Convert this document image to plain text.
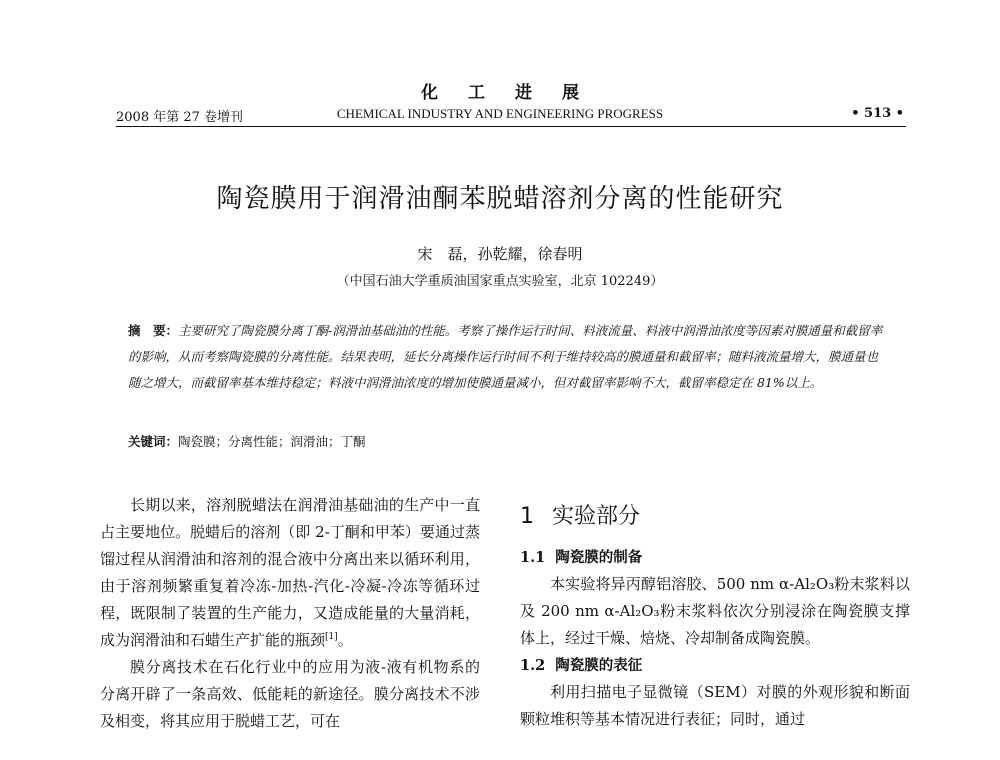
化工进展
2008 年第 27 卷增刊	CHEMICAL INDUSTRY AND ENGINEERING PROGRESS	• 513 •
陶瓷膜用于润滑油酮苯脱蜡溶剂分离的性能研究
宋　磊，孙乾耀，徐春明
（中国石油大学重质油国家重点实验室，北京 102249）
摘　要：主要研究了陶瓷膜分离丁酮-润滑油基础油的性能。考察了操作运行时间、料液流量、料液中润滑油浓度等因素对膜通量和截留率的影响，从而考察陶瓷膜的分离性能。结果表明，延长分离操作运行时间不利于维持较高的膜通量和截留率；随料液流量增大，膜通量也随之增大，而截留率基本维持稳定；料液中润滑油浓度的增加使膜通量减小，但对截留率影响不大，截留率稳定在 81%以上。
关键词：陶瓷膜；分离性能；润滑油；丁酮

长期以来，溶剂脱蜡法在润滑油基础油的生产中一直占主要地位。脱蜡后的溶剂（即 2-丁酮和甲苯）要通过蒸馏过程从润滑油和溶剂的混合液中分离出来以循环利用，由于溶剂频繁重复着冷冻-加热-汽化-冷凝-冷冻等循环过程，既限制了装置的生产能力，又造成能量的大量消耗，成为润滑油和石蜡生产扩能的瓶颈[1]。

膜分离技术在石化行业中的应用为液-液有机物系的分离开辟了一条高效、低能耗的新途径。膜分离技术不涉及相变，将其应用于脱蜡工艺，可在

1 实验部分
1.1 陶瓷膜的制备

本实验将异丙醇铝溶胶、500 nm α-Al₂O₃粉末浆料以及 200 nm α-Al₂O₃粉末浆料依次分别浸涂在陶瓷膜支撑体上，经过干燥、焙烧、冷却制备成陶瓷膜。

1.2 陶瓷膜的表征

利用扫描电子显微镜（SEM）对膜的外观形貌和断面颗粒堆积等基本情况进行表征；同时，通过
